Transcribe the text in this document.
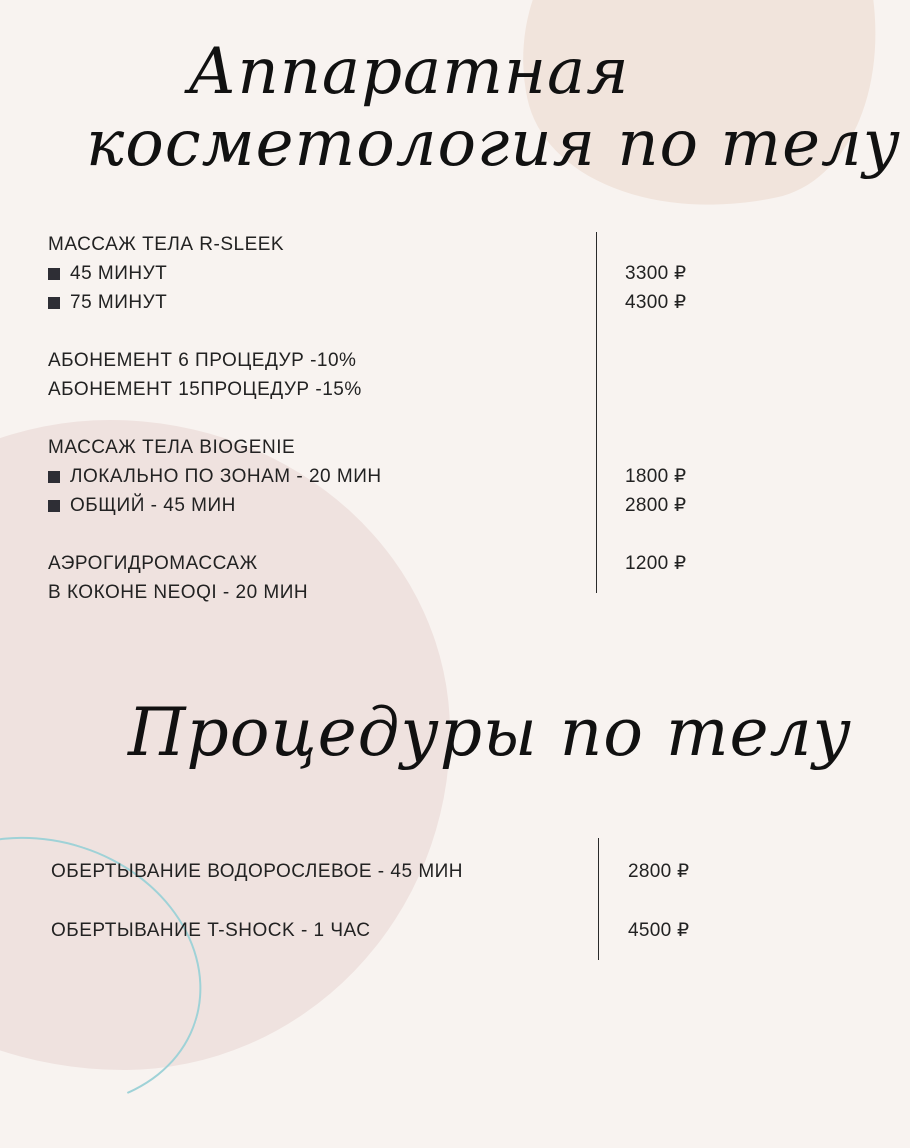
Аппаратная
косметология по телу
МАССАЖ ТЕЛА R-SLEEK
45 МИНУТ
75 МИНУТ
АБОНЕМЕНТ 6 ПРОЦЕДУР -10%
АБОНЕМЕНТ 15ПРОЦЕДУР -15%
МАССАЖ ТЕЛА BIOGENIE
ЛОКАЛЬНО ПО ЗОНАМ - 20 МИН
ОБЩИЙ - 45 МИН
АЭРОГИДРОМАССАЖ
В КОКОНЕ NEOQI - 20 МИН
3300 ₽
4300 ₽
1800 ₽
2800 ₽
1200 ₽
Процедуры по телу
ОБЕРТЫВАНИЕ ВОДОРОСЛЕВОЕ - 45 МИН
ОБЕРТЫВАНИЕ T-SHOCK - 1 ЧАС
2800 ₽
4500 ₽
